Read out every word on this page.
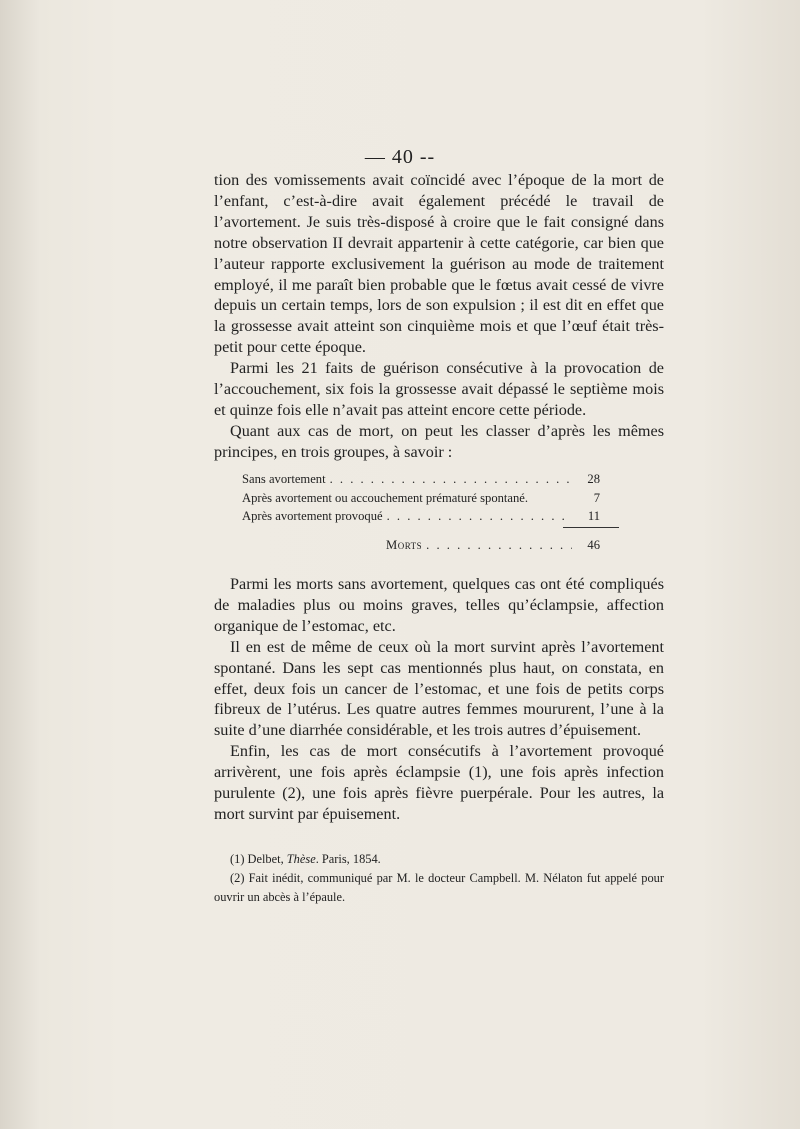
— 40 --

tion des vomissements avait coïncidé avec l’époque de la mort de l’enfant, c’est-à-dire avait également précédé le travail de l’avortement. Je suis très-disposé à croire que le fait consigné dans notre observation II devrait appartenir à cette catégorie, car bien que l’auteur rapporte exclusivement la guérison au mode de traitement employé, il me paraît bien probable que le fœtus avait cessé de vivre depuis un certain temps, lors de son expulsion ; il est dit en effet que la grossesse avait atteint son cinquième mois et que l’œuf était très-petit pour cette époque.

Parmi les 21 faits de guérison consécutive à la provocation de l’accouchement, six fois la grossesse avait dépassé le septième mois et quinze fois elle n’avait pas atteint encore cette période.

Quant aux cas de mort, on peut les classer d’après les mêmes principes, en trois groupes, à savoir :

Sans avortement . . .	28
Après avortement ou accouchement prématuré spontané.	7
Après avortement provoqué . . .	11
Morts . . .	46

Parmi les morts sans avortement, quelques cas ont été compliqués de maladies plus ou moins graves, telles qu’éclampsie, affection organique de l’estomac, etc.

Il en est de même de ceux où la mort survint après l’avortement spontané. Dans les sept cas mentionnés plus haut, on constata, en effet, deux fois un cancer de l’estomac, et une fois de petits corps fibreux de l’utérus. Les quatre autres femmes moururent, l’une à la suite d’une diarrhée considérable, et les trois autres d’épuisement.

Enfin, les cas de mort consécutifs à l’avortement provoqué arrivèrent, une fois après éclampsie (1), une fois après infection purulente (2), une fois après fièvre puerpérale. Pour les autres, la mort survint par épuisement.

(1) Delbet, Thèse. Paris, 1854.

(2) Fait inédit, communiqué par M. le docteur Campbell. M. Nélaton fut appelé pour ouvrir un abcès à l’épaule.
